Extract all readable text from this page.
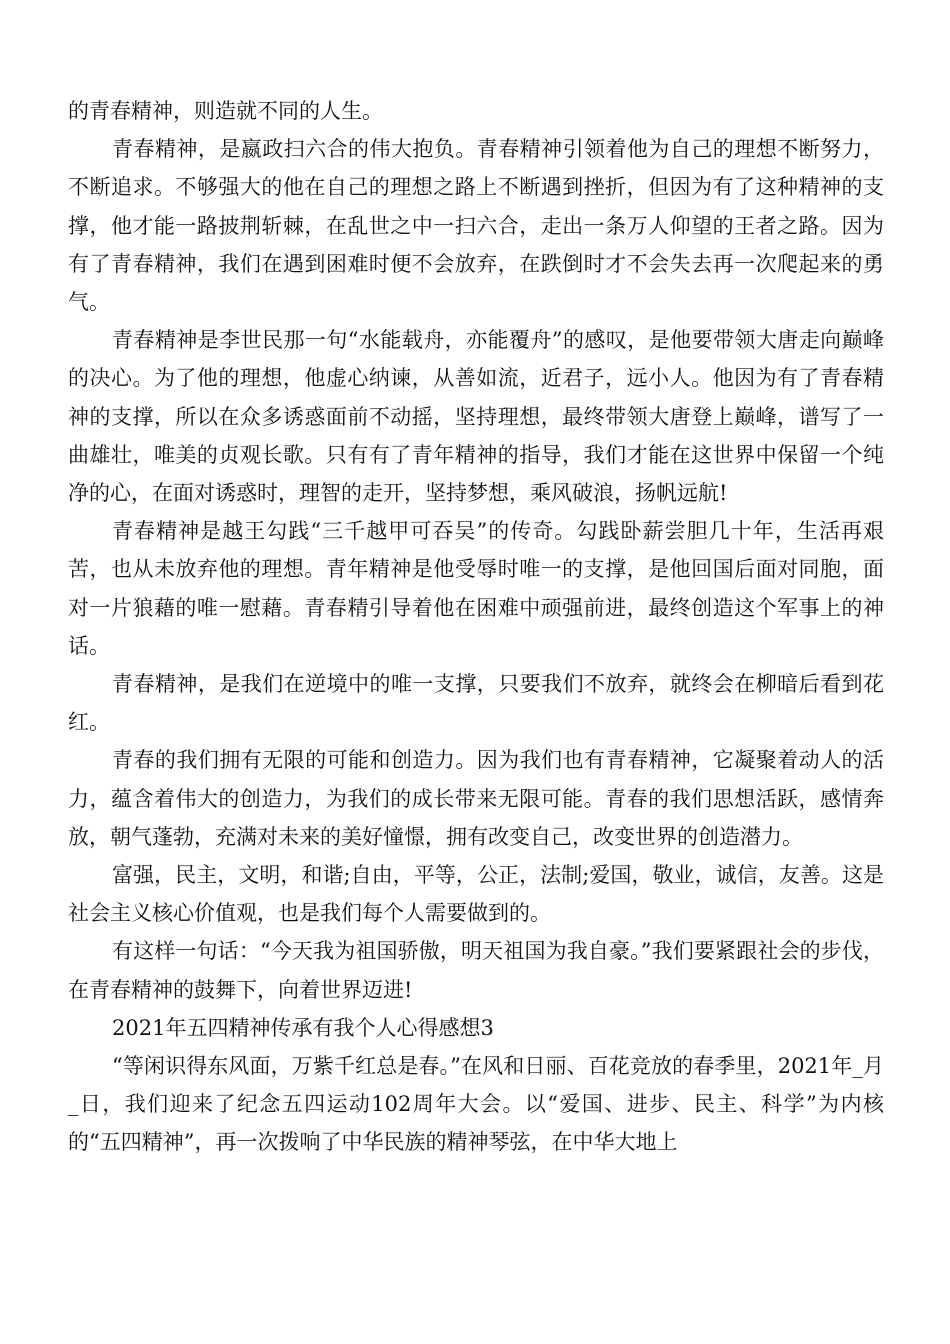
的青春精神，则造就不同的人生。

青春精神，是嬴政扫六合的伟大抱负。青春精神引领着他为自己的理想不断努力，不断追求。不够强大的他在自己的理想之路上不断遇到挫折，但因为有了这种精神的支撑，他才能一路披荆斩棘，在乱世之中一扫六合，走出一条万人仰望的王者之路。因为有了青春精神，我们在遇到困难时便不会放弃，在跌倒时才不会失去再一次爬起来的勇气。

青春精神是李世民那一句“水能载舟，亦能覆舟”的感叹，是他要带领大唐走向巅峰的决心。为了他的理想，他虚心纳谏，从善如流，近君子，远小人。他因为有了青春精神的支撑，所以在众多诱惑面前不动摇，坚持理想，最终带领大唐登上巅峰，谱写了一曲雄壮，唯美的贞观长歌。只有有了青年精神的指导，我们才能在这世界中保留一个纯净的心，在面对诱惑时，理智的走开，坚持梦想，乘风破浪，扬帆远航!

青春精神是越王勾践“三千越甲可吞吴”的传奇。勾践卧薪尝胆几十年，生活再艰苦，也从未放弃他的理想。青年精神是他受辱时唯一的支撑，是他回国后面对同胞，面对一片狼藉的唯一慰藉。青春精引导着他在困难中顽强前进，最终创造这个军事上的神话。

青春精神，是我们在逆境中的唯一支撑，只要我们不放弃，就终会在柳暗后看到花红。

青春的我们拥有无限的可能和创造力。因为我们也有青春精神，它凝聚着动人的活力，蕴含着伟大的创造力，为我们的成长带来无限可能。青春的我们思想活跃，感情奔放，朝气蓬勃，充满对未来的美好憧憬，拥有改变自己，改变世界的创造潜力。

富强，民主，文明，和谐;自由，平等，公正，法制;爱国，敬业，诚信，友善。这是社会主义核心价值观，也是我们每个人需要做到的。

有这样一句话：“今天我为祖国骄傲，明天祖国为我自豪。”我们要紧跟社会的步伐，在青春精神的鼓舞下，向着世界迈进!

2021年五四精神传承有我个人心得感想3

“等闲识得东风面，万紫千红总是春。”在风和日丽、百花竞放的春季里，2021年_月_日，我们迎来了纪念五四运动102周年大会。以“爱国、进步、民主、科学”为内核的“五四精神”，再一次拨响了中华民族的精神琴弦，在中华大地上
